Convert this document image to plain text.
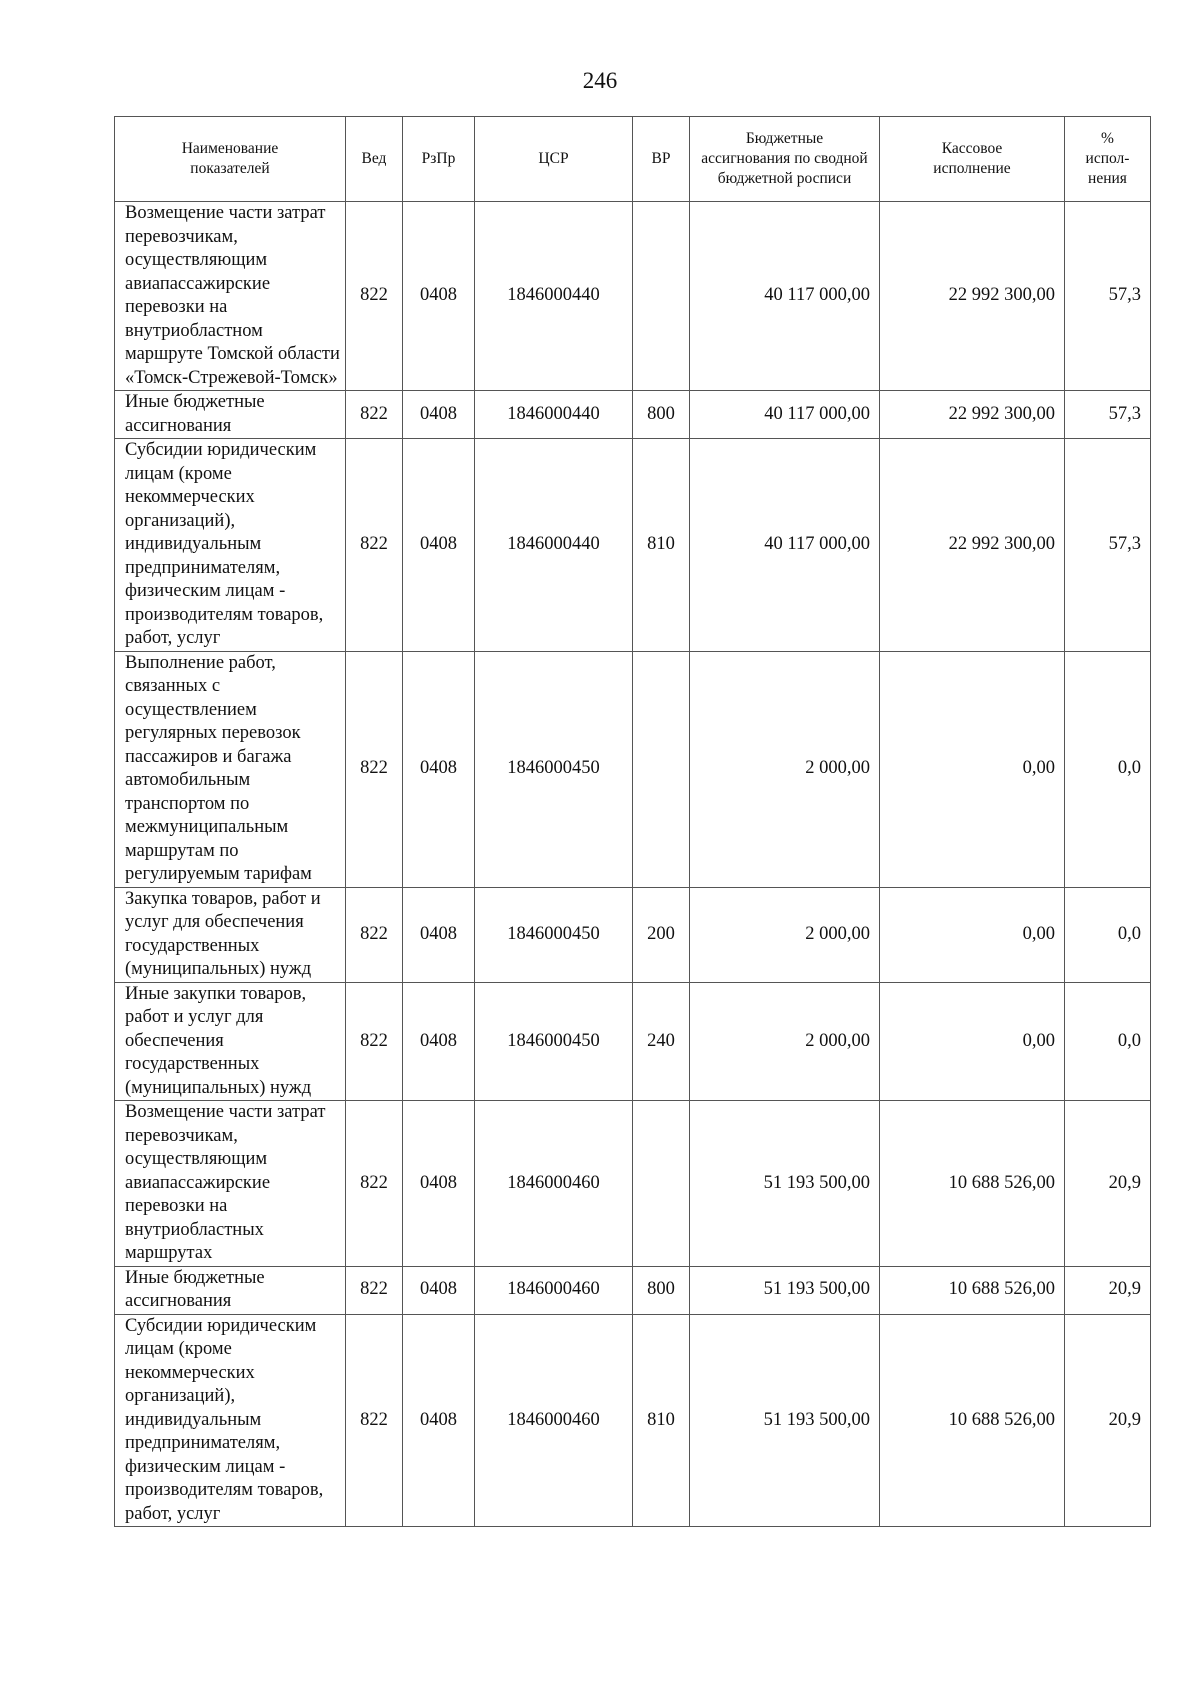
246
Наименование показателей	Вед	РзПр	ЦСР	ВР	Бюджетные ассигнования по сводной бюджетной росписи	Кассовое исполнение	% испол-нения

Возмещение части затрат перевозчикам, осуществляющим авиапассажирские перевозки на внутриобластном маршруте Томской области «Томск-Стрежевой-Томск»	822	0408	1846000440		40 117 000,00	22 992 300,00	57,3
Иные бюджетные ассигнования	822	0408	1846000440	800	40 117 000,00	22 992 300,00	57,3
Субсидии юридическим лицам (кроме некоммерческих организаций), индивидуальным предпринимателям, физическим лицам - производителям товаров, работ, услуг	822	0408	1846000440	810	40 117 000,00	22 992 300,00	57,3
Выполнение работ, связанных с осуществлением регулярных перевозок пассажиров и багажа автомобильным транспортом по межмуниципальным маршрутам по регулируемым тарифам	822	0408	1846000450		2 000,00	0,00	0,0
Закупка товаров, работ и услуг для обеспечения государственных (муниципальных) нужд	822	0408	1846000450	200	2 000,00	0,00	0,0
Иные закупки товаров, работ и услуг для обеспечения государственных (муниципальных) нужд	822	0408	1846000450	240	2 000,00	0,00	0,0
Возмещение части затрат перевозчикам, осуществляющим авиапассажирские перевозки на внутриобластных маршрутах	822	0408	1846000460		51 193 500,00	10 688 526,00	20,9
Иные бюджетные ассигнования	822	0408	1846000460	800	51 193 500,00	10 688 526,00	20,9
Субсидии юридическим лицам (кроме некоммерческих организаций), индивидуальным предпринимателям, физическим лицам - производителям товаров, работ, услуг	822	0408	1846000460	810	51 193 500,00	10 688 526,00	20,9
